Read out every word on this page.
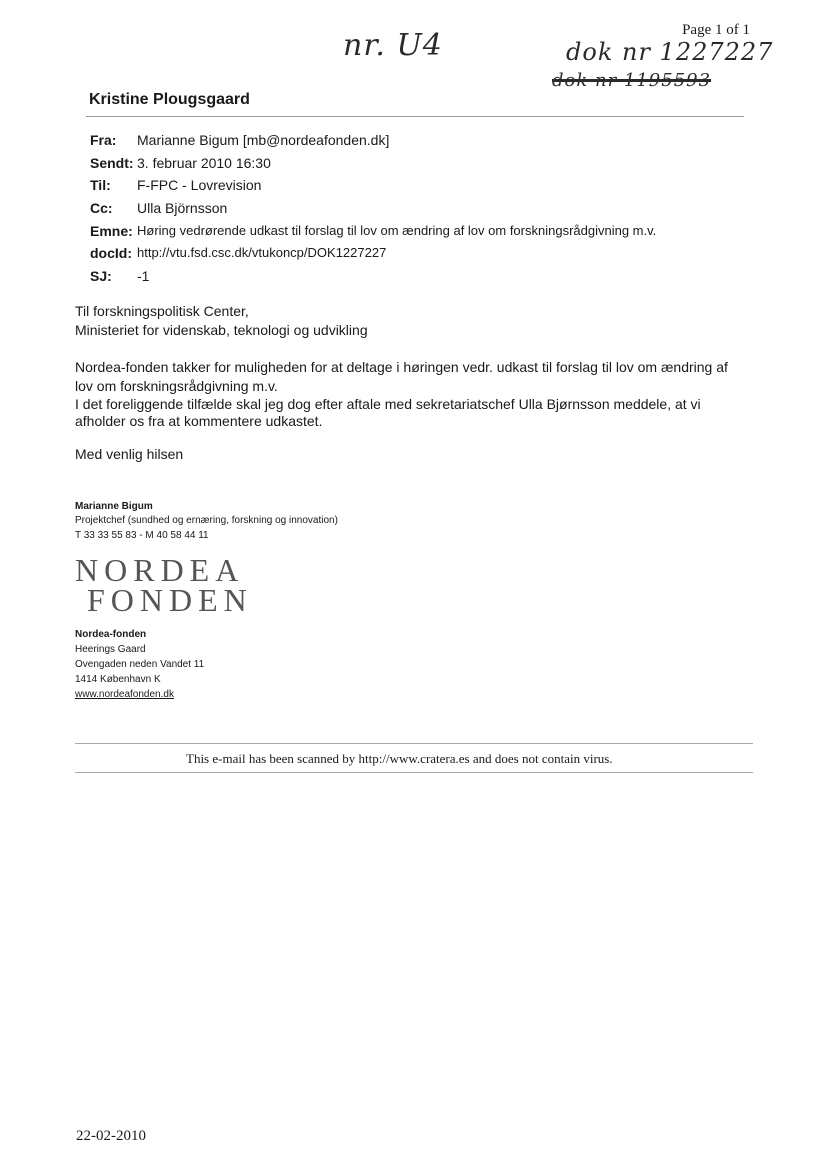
Page 1 of 1
nr. U4	dok nr 1227227
dok nr 1195593
Kristine Plougsgaard
Fra:	Marianne Bigum [mb@nordeafonden.dk]
Sendt: 3. februar 2010 16:30
Til:	F-FPC - Lovrevision
Cc:	Ulla Björnsson
Emne: Høring vedrørende udkast til forslag til lov om ændring af lov om forskningsrådgivning m.v.
docId: http://vtu.fsd.csc.dk/vtukoncp/DOK1227227
SJ:	-1
Til forskningspolitisk Center,
Ministeriet for videnskab, teknologi og udvikling
Nordea-fonden takker for muligheden for at deltage i høringen vedr. udkast til forslag til lov om ændring af
lov om forskningsrådgivning m.v.
I det foreliggende tilfælde skal jeg dog efter aftale med sekretariatschef Ulla Bjørnsson meddele, at vi
afholder os fra at kommentere udkastet.
Med venlig hilsen
Marianne Bigum
Projektchef (sundhed og ernæring, forskning og innovation)
T 33 33 55 83 - M 40 58 44 11
NORDEA
FONDEN
Nordea-fonden
Heerings Gaard
Ovengaden neden Vandet 11
1414 København K
www.nordeafonden.dk
This e-mail has been scanned by http://www.cratera.es and does not contain virus.
22-02-2010
